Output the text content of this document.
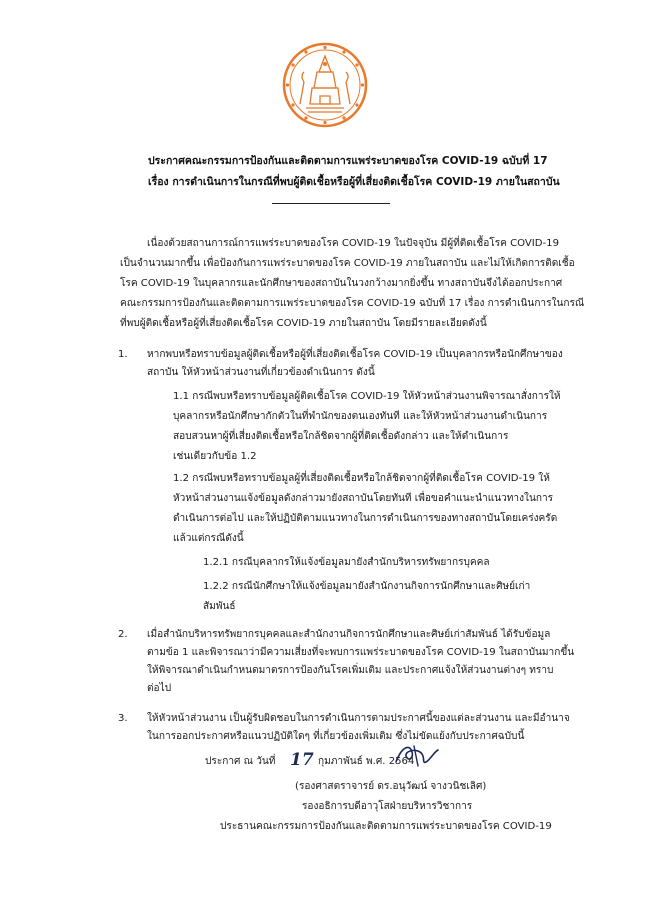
ประกาศคณะกรรมการป้องกันและติดตามการแพร่ระบาดของโรค COVID-19 ฉบับที่ 17
เรื่อง การดำเนินการในกรณีที่พบผู้ติดเชื้อหรือผู้ที่เสี่ยงติดเชื้อโรค COVID-19 ภายในสถาบัน
เนื่องด้วยสถานการณ์การแพร่ระบาดของโรค COVID-19 ในปัจจุบัน มีผู้ที่ติดเชื้อโรค COVID-19
เป็นจำนวนมากขึ้น เพื่อป้องกันการแพร่ระบาดของโรค COVID-19 ภายในสถาบัน และไม่ให้เกิดการติดเชื้อ
โรค COVID-19 ในบุคลากรและนักศึกษาของสถาบันในวงกว้างมากยิ่งขึ้น ทางสถาบันจึงได้ออกประกาศ
คณะกรรมการป้องกันและติดตามการแพร่ระบาดของโรค COVID-19 ฉบับที่ 17 เรื่อง การดำเนินการในกรณี
ที่พบผู้ติดเชื้อหรือผู้ที่เสี่ยงติดเชื้อโรค COVID-19 ภายในสถาบัน โดยมีรายละเอียดดังนี้
1. หากพบหรือทราบข้อมูลผู้ติดเชื้อหรือผู้ที่เสี่ยงติดเชื้อโรค COVID-19 เป็นบุคลากรหรือนักศึกษาของ
สถาบัน ให้หัวหน้าส่วนงานที่เกี่ยวข้องดำเนินการ ดังนี้
1.1 กรณีพบหรือทราบข้อมูลผู้ติดเชื้อโรค COVID-19 ให้หัวหน้าส่วนงานพิจารณาสั่งการให้
บุคลากรหรือนักศึกษากักตัวในที่พำนักของตนเองทันที และให้หัวหน้าส่วนงานดำเนินการ
สอบสวนหาผู้ที่เสี่ยงติดเชื้อหรือใกล้ชิดจากผู้ที่ติดเชื้อดังกล่าว และให้ดำเนินการ
เช่นเดียวกับข้อ 1.2
1.2 กรณีพบหรือทราบข้อมูลผู้ที่เสี่ยงติดเชื้อหรือใกล้ชิดจากผู้ที่ติดเชื้อโรค COVID-19 ให้
หัวหน้าส่วนงานแจ้งข้อมูลดังกล่าวมายังสถาบันโดยทันที เพื่อขอคำแนะนำแนวทางในการ
ดำเนินการต่อไป และให้ปฏิบัติตามแนวทางในการดำเนินการของทางสถาบันโดยเคร่งครัด
แล้วแต่กรณีดังนี้
1.2.1 กรณีบุคลากรให้แจ้งข้อมูลมายังสำนักบริหารทรัพยากรบุคคล
1.2.2 กรณีนักศึกษาให้แจ้งข้อมูลมายังสำนักงานกิจการนักศึกษาและศิษย์เก่า
สัมพันธ์
2. เมื่อสำนักบริหารทรัพยากรบุคคลและสำนักงานกิจการนักศึกษาและศิษย์เก่าสัมพันธ์ ได้รับข้อมูล
ตามข้อ 1 และพิจารณาว่ามีความเสี่ยงที่จะพบการแพร่ระบาดของโรค COVID-19 ในสถาบันมากขึ้น
ให้พิจารณาดำเนินกำหนดมาตรการป้องกันโรคเพิ่มเติม และประกาศแจ้งให้ส่วนงานต่างๆ ทราบ
ต่อไป
3. ให้หัวหน้าส่วนงาน เป็นผู้รับผิดชอบในการดำเนินการตามประกาศนี้ของแต่ละส่วนงาน และมีอำนาจ
ในการออกประกาศหรือแนวปฏิบัติใดๆ ที่เกี่ยวข้องเพิ่มเติม ซึ่งไม่ขัดแย้งกับประกาศฉบับนี้
ประกาศ ณ วันที่ 17 กุมภาพันธ์ พ.ศ. 2564
(รองศาสตราจารย์ ดร.อนุวัฒน์ จางวนิชเลิศ)
รองอธิการบดีอาวุโสฝ่ายบริหารวิชาการ
ประธานคณะกรรมการป้องกันและติดตามการแพร่ระบาดของโรค COVID-19
